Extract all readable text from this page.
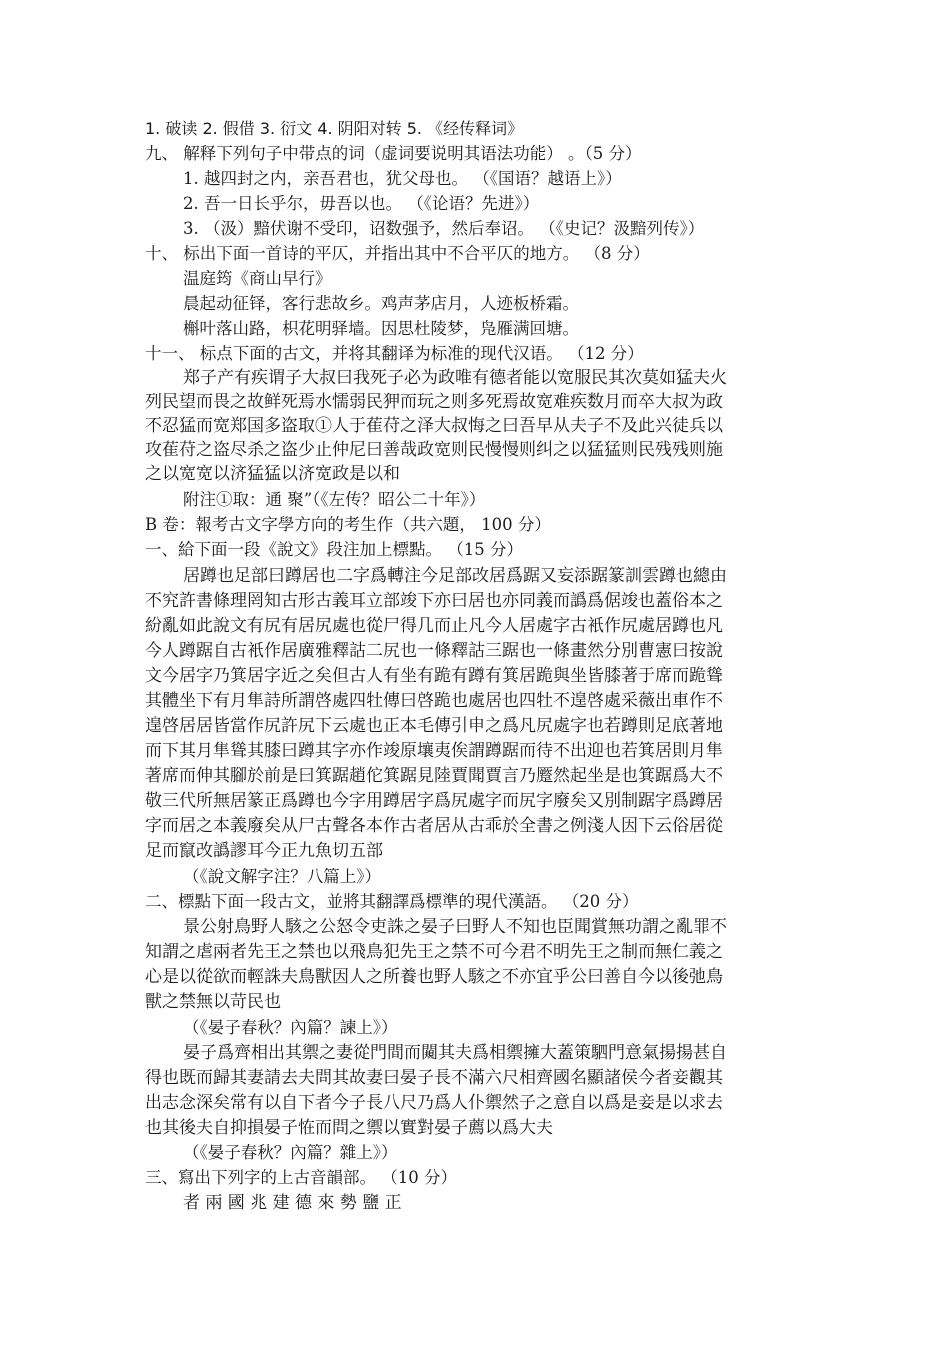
1. 破读 2. 假借 3. 衍文 4. 阴阳对转 5. 《经传释词》
九、 解释下列句子中带点的词（虚词要说明其语法功能） 。（5 分）
1. 越四封之内，亲吾君也，犹父母也。 （《国语？越语上》）
2. 吾一日长乎尔，毋吾以也。 （《论语？先进》）
3. （汲）黯伏谢不受印，诏数强予，然后奉诏。 （《史记？汲黯列传》）
十、 标出下面一首诗的平仄，并指出其中不合平仄的地方。 （8 分）
温庭筠《商山早行》
晨起动征铎，客行悲故乡。鸡声茅店月，人迹板桥霜。
槲叶落山路，枳花明驿墙。因思杜陵梦，凫雁满回塘。
十一、 标点下面的古文，并将其翻译为标准的现代汉语。 （12 分）
郑子产有疾谓子大叔曰我死子必为政唯有德者能以宽服民其次莫如猛夫火
列民望而畏之故鲜死焉水懦弱民狎而玩之则多死焉故宽难疾数月而卒大叔为政
不忍猛而宽郑国多盗取①人于萑苻之泽大叔悔之曰吾早从夫子不及此兴徒兵以
攻萑苻之盗尽杀之盗少止仲尼曰善哉政宽则民慢慢则纠之以猛猛则民残残则施
之以宽宽以济猛猛以济宽政是以和
附注①取：通 聚”（《左传？昭公二十年》）
B 卷：報考古文字學方向的考生作（共六題， 100 分）
一、給下面一段《說文》段注加上標點。 （15 分）
居蹲也足部曰蹲居也二字爲轉注今足部改居爲踞又妄添踞篆訓雲蹲也總由
不究許書條理罔知古形古義耳立部竣下亦曰居也亦同義而譌爲倨竣也蓋俗本之
紛亂如此說文有尻有居尻處也從尸得几而止凡今人居處字古衹作尻處居蹲也凡
今人蹲踞自古衹作居廣雅釋詁二尻也一條釋詁三踞也一條畫然分別曹憲曰按說
文今居字乃箕居字近之矣但古人有坐有跪有蹲有箕居跪與坐皆膝著于席而跪聳
其體坐下有月隼詩所謂啓處四牡傳曰啓跪也處居也四牡不遑啓處采薇出車作不
遑啓居居皆當作尻許尻下云處也正本毛傳引申之爲凡尻處字也若蹲則足底著地
而下其月隼聳其膝曰蹲其字亦作竣原壤夷俟謂蹲踞而待不出迎也若箕居則月隼
著席而伸其腳於前是曰箕踞趙佗箕踞見陸賈聞賈言乃蹷然起坐是也箕踞爲大不
敬三代所無居篆正爲蹲也今字用蹲居字爲尻處字而尻字廢矣又別制踞字爲蹲居
字而居之本義廢矣从尸古聲各本作古者居从古乖於全書之例淺人因下云俗居從
足而竄改譌謬耳今正九魚切五部
（《說文解字注？八篇上》）
二、標點下面一段古文，並將其翻譯爲標準的現代漢語。 （20 分）
景公射鳥野人駭之公怒令吏誅之晏子曰野人不知也臣聞賞無功謂之亂罪不
知謂之虐兩者先王之禁也以飛鳥犯先王之禁不可今君不明先王之制而無仁義之
心是以從欲而輕誅夫鳥獸因人之所養也野人駭之不亦宜乎公曰善自今以後弛鳥
獸之禁無以苛民也
（《晏子春秋？內篇？諫上》）
晏子爲齊相出其禦之妻從門間而闚其夫爲相禦擁大蓋策駟門意氣揚揚甚自
得也既而歸其妻請去夫問其故妻曰晏子長不滿六尺相齊國名顯諸侯今者妾觀其
出志念深矣常有以自下者今子長八尺乃爲人仆禦然子之意自以爲是妾是以求去
也其後夫自抑損晏子恠而問之禦以實對晏子薦以爲大夫
（《晏子春秋？內篇？雜上》）
三、寫出下列字的上古音韻部。 （10 分）
者 兩 國 兆 建 德 來 勢 鹽 正
